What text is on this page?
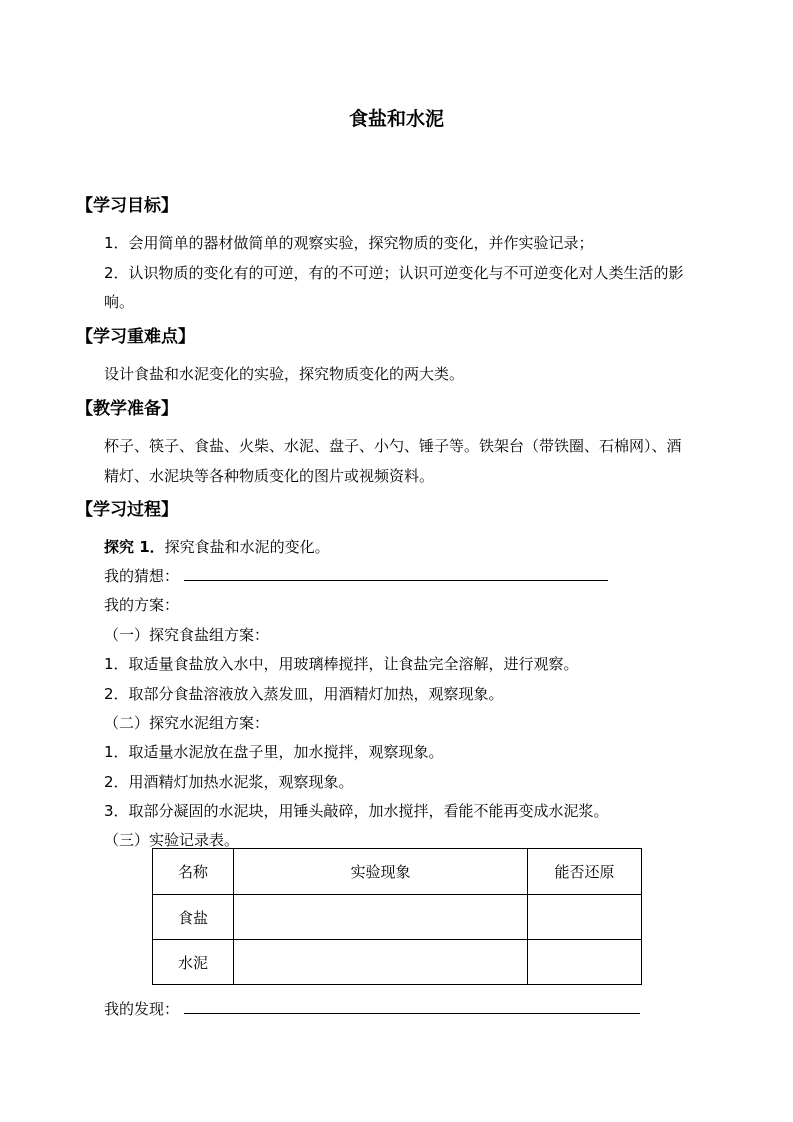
食盐和水泥
【学习目标】
1．会用简单的器材做简单的观察实验，探究物质的变化，并作实验记录；
2．认识物质的变化有的可逆，有的不可逆；认识可逆变化与不可逆变化对人类生活的影
响。
【学习重难点】
设计食盐和水泥变化的实验，探究物质变化的两大类。
【教学准备】
杯子、筷子、食盐、火柴、水泥、盘子、小勺、锤子等。铁架台（带铁圈、石棉网）、酒
精灯、水泥块等各种物质变化的图片或视频资料。
【学习过程】
探究 1．探究食盐和水泥的变化。
我的猜想：
我的方案：
（一）探究食盐组方案：
1．取适量食盐放入水中，用玻璃棒搅拌，让食盐完全溶解，进行观察。
2．取部分食盐溶液放入蒸发皿，用酒精灯加热，观察现象。
（二）探究水泥组方案：
1．取适量水泥放在盘子里，加水搅拌，观察现象。
2．用酒精灯加热水泥浆，观察现象。
3．取部分凝固的水泥块，用锤头敲碎，加水搅拌，看能不能再变成水泥浆。
（三）实验记录表。
名称	实验现象	能否还原
食盐		
水泥		
我的发现：
